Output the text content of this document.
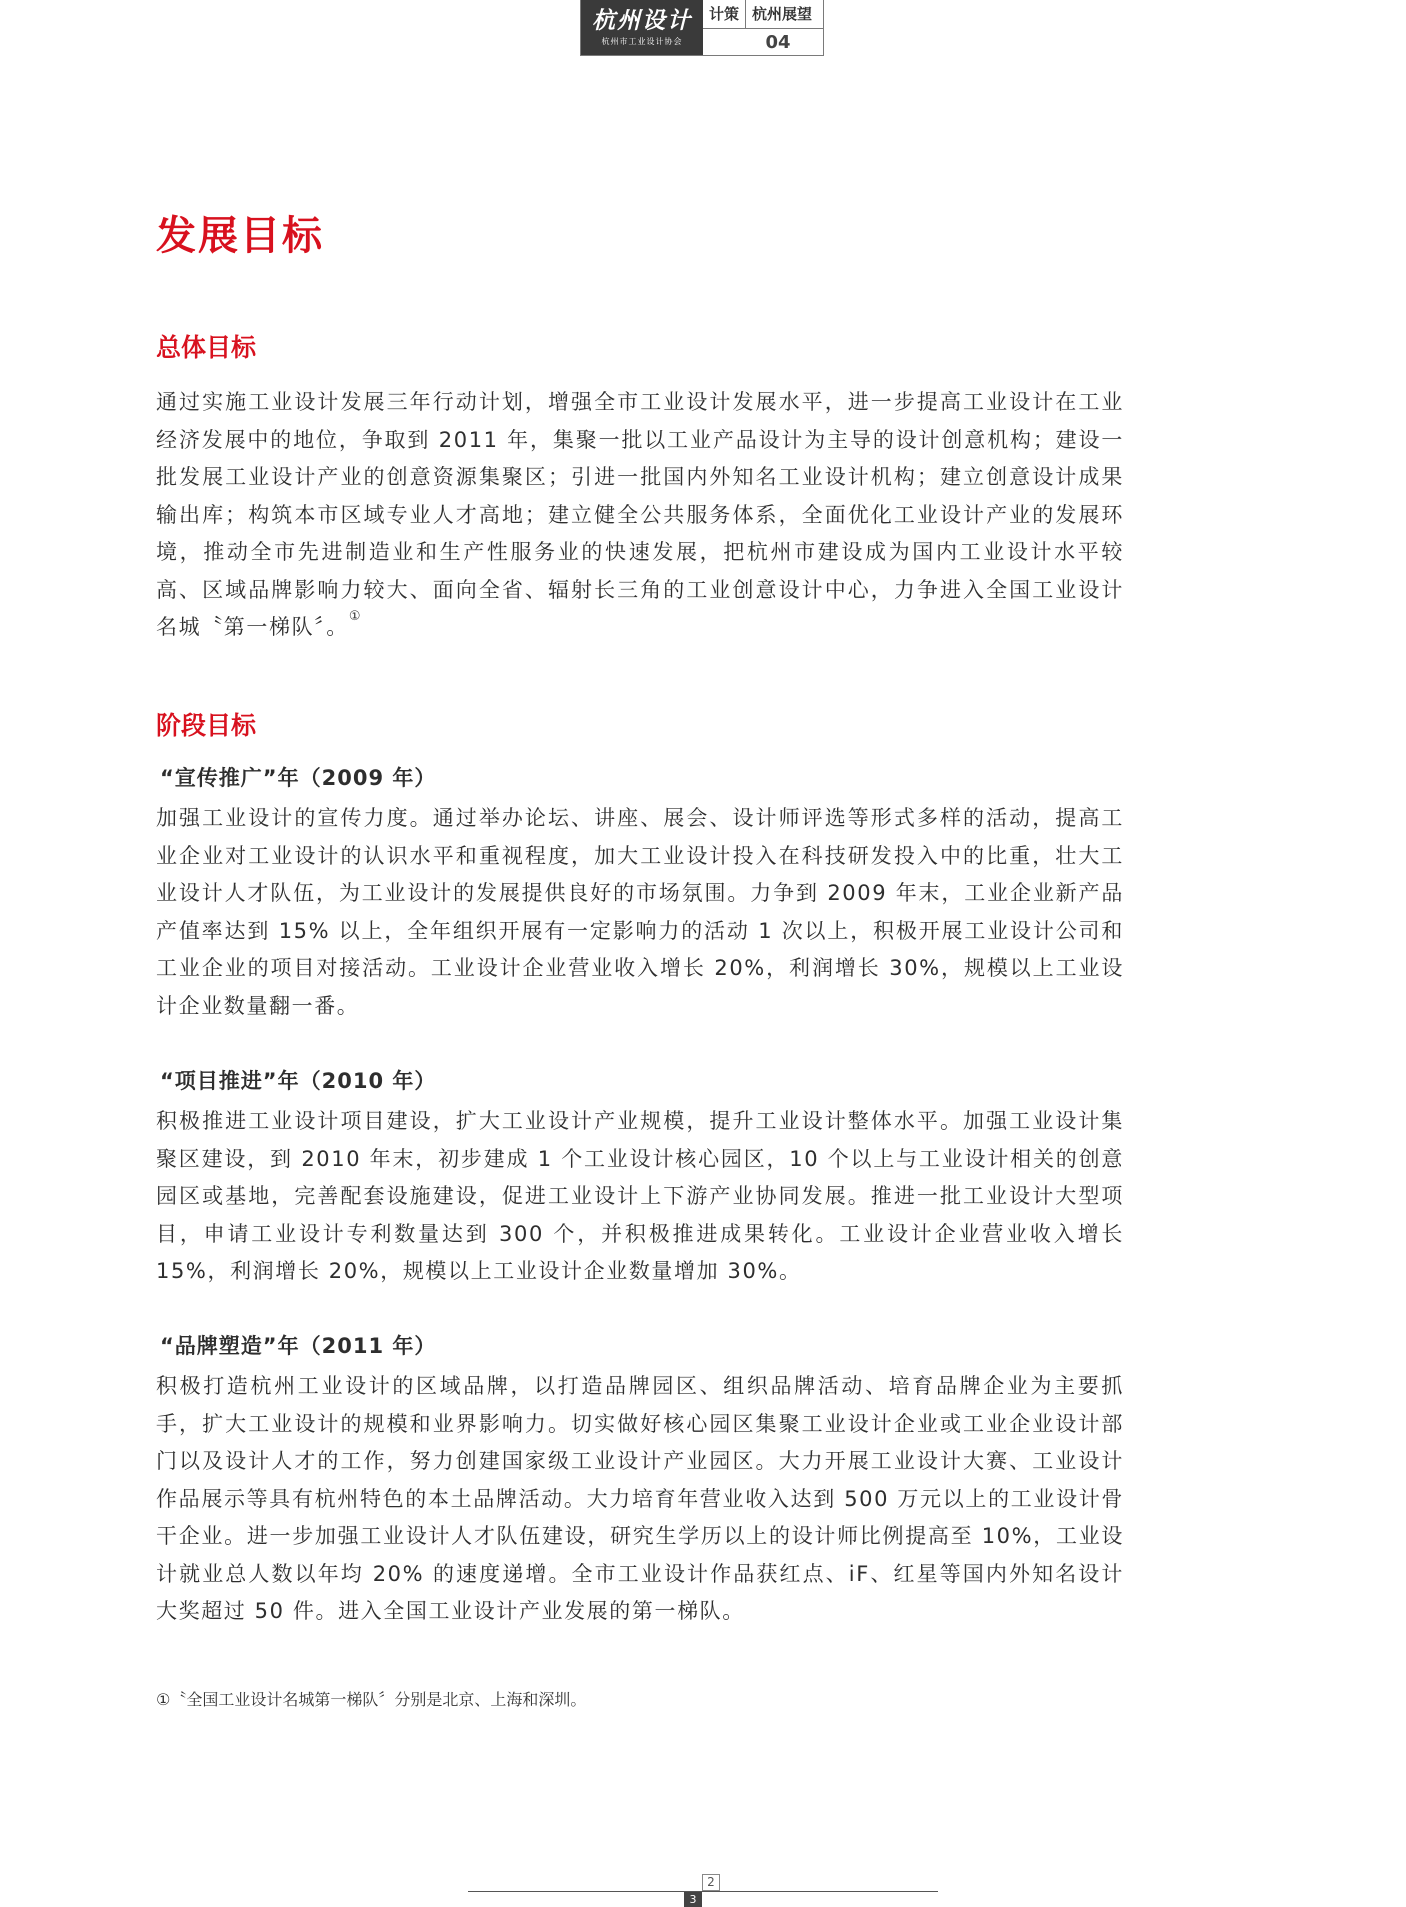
杭州设计
杭州市工业设计协会
计策 杭州展望
04
发展目标
总体目标

通过实施工业设计发展三年行动计划，增强全市工业设计发展水平，进一步提高工业设计在工业经济发展中的地位，争取到 2011 年，集聚一批以工业产品设计为主导的设计创意机构；建设一批发展工业设计产业的创意资源集聚区；引进一批国内外知名工业设计机构；建立创意设计成果输出库；构筑本市区域专业人才高地；建立健全公共服务体系，全面优化工业设计产业的发展环境，推动全市先进制造业和生产性服务业的快速发展，把杭州市建设成为国内工业设计水平较高、区域品牌影响力较大、面向全省、辐射长三角的工业创意设计中心，力争进入全国工业设计名城〝第一梯队〞。①

阶段目标
“宣传推广”年（2009 年）

加强工业设计的宣传力度。通过举办论坛、讲座、展会、设计师评选等形式多样的活动，提高工业企业对工业设计的认识水平和重视程度，加大工业设计投入在科技研发投入中的比重，壮大工业设计人才队伍，为工业设计的发展提供良好的市场氛围。力争到 2009 年末，工业企业新产品产值率达到 15% 以上，全年组织开展有一定影响力的活动 1 次以上，积极开展工业设计公司和工业企业的项目对接活动。工业设计企业营业收入增长 20%，利润增长 30%，规模以上工业设计企业数量翻一番。

“项目推进”年（2010 年）

积极推进工业设计项目建设，扩大工业设计产业规模，提升工业设计整体水平。加强工业设计集聚区建设，到 2010 年末，初步建成 1 个工业设计核心园区，10 个以上与工业设计相关的创意园区或基地，完善配套设施建设，促进工业设计上下游产业协同发展。推进一批工业设计大型项目，申请工业设计专利数量达到 300 个，并积极推进成果转化。工业设计企业营业收入增长 15%，利润增长 20%，规模以上工业设计企业数量增加 30%。

“品牌塑造”年（2011 年）

积极打造杭州工业设计的区域品牌，以打造品牌园区、组织品牌活动、培育品牌企业为主要抓手，扩大工业设计的规模和业界影响力。切实做好核心园区集聚工业设计企业或工业企业设计部门以及设计人才的工作，努力创建国家级工业设计产业园区。大力开展工业设计大赛、工业设计作品展示等具有杭州特色的本土品牌活动。大力培育年营业收入达到 500 万元以上的工业设计骨干企业。进一步加强工业设计人才队伍建设，研究生学历以上的设计师比例提高至 10%，工业设计就业总人数以年均 20% 的速度递增。全市工业设计作品获红点、iF、红星等国内外知名设计大奖超过 50 件。进入全国工业设计产业发展的第一梯队。

①〝全国工业设计名城第一梯队〞分别是北京、上海和深圳。

2
3
